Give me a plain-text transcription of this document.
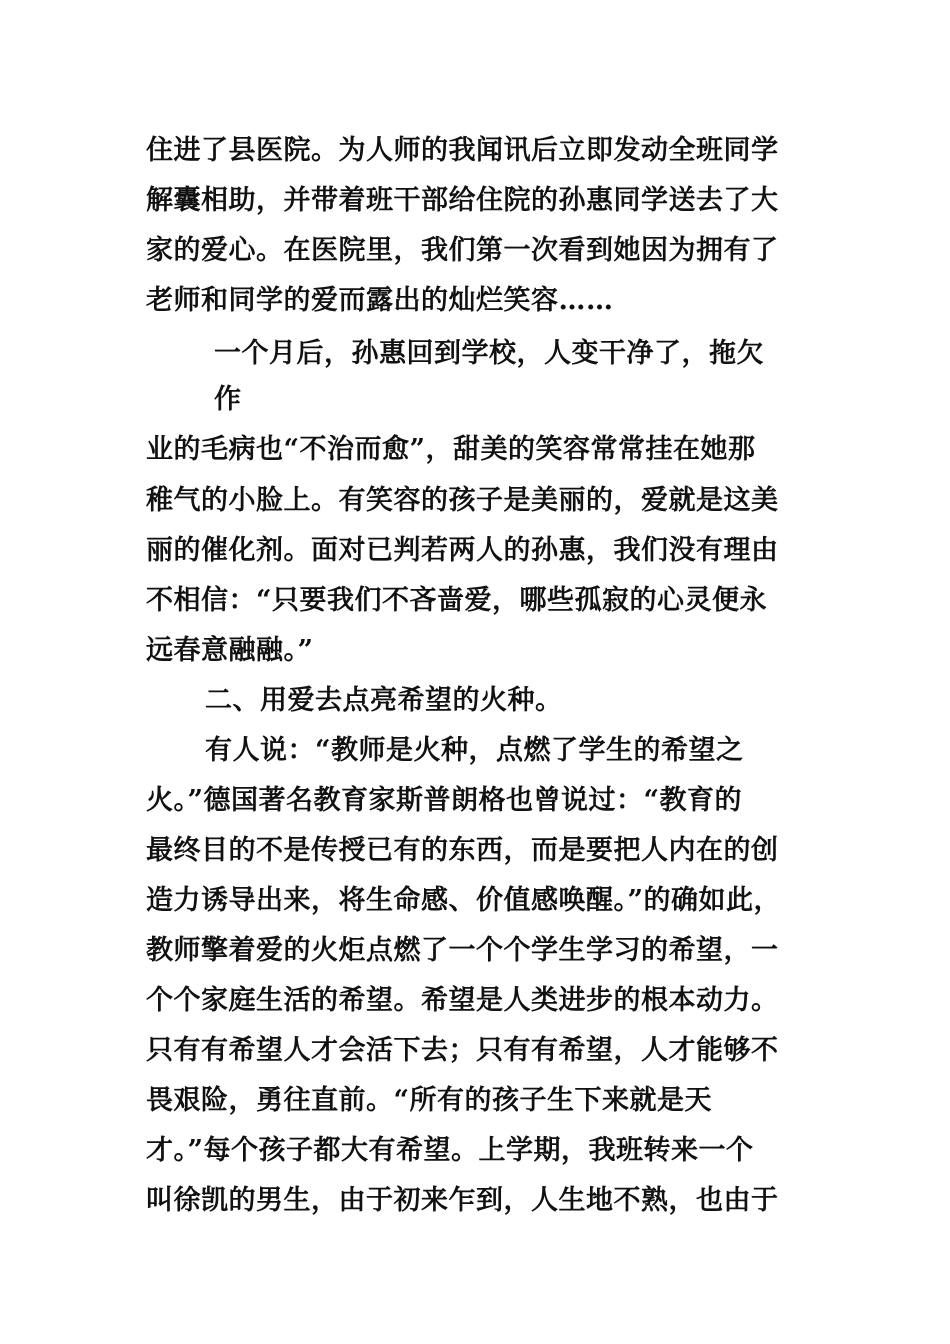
住进了县医院。为人师的我闻讯后立即发动全班同学
解囊相助，并带着班干部给住院的孙惠同学送去了大
家的爱心。在医院里，我们第一次看到她因为拥有了
老师和同学的爱而露出的灿烂笑容……
一个月后，孙惠回到学校，人变干净了，拖欠
作
业的毛病也“不治而愈”，甜美的笑容常常挂在她那
稚气的小脸上。有笑容的孩子是美丽的，爱就是这美
丽的催化剂。面对已判若两人的孙惠，我们没有理由
不相信：“只要我们不吝啬爱，哪些孤寂的心灵便永
远春意融融。”
二、用爱去点亮希望的火种。
有人说：“教师是火种，点燃了学生的希望之
火。”德国著名教育家斯普朗格也曾说过：“教育的
最终目的不是传授已有的东西，而是要把人内在的创
造力诱导出来，将生命感、价值感唤醒。”的确如此，
教师擎着爱的火炬点燃了一个个学生学习的希望，一
个个家庭生活的希望。希望是人类进步的根本动力。
只有有希望人才会活下去；只有有希望，人才能够不
畏艰险，勇往直前。“所有的孩子生下来就是天
才。”每个孩子都大有希望。上学期，我班转来一个
叫徐凯的男生，由于初来乍到，人生地不熟，也由于
